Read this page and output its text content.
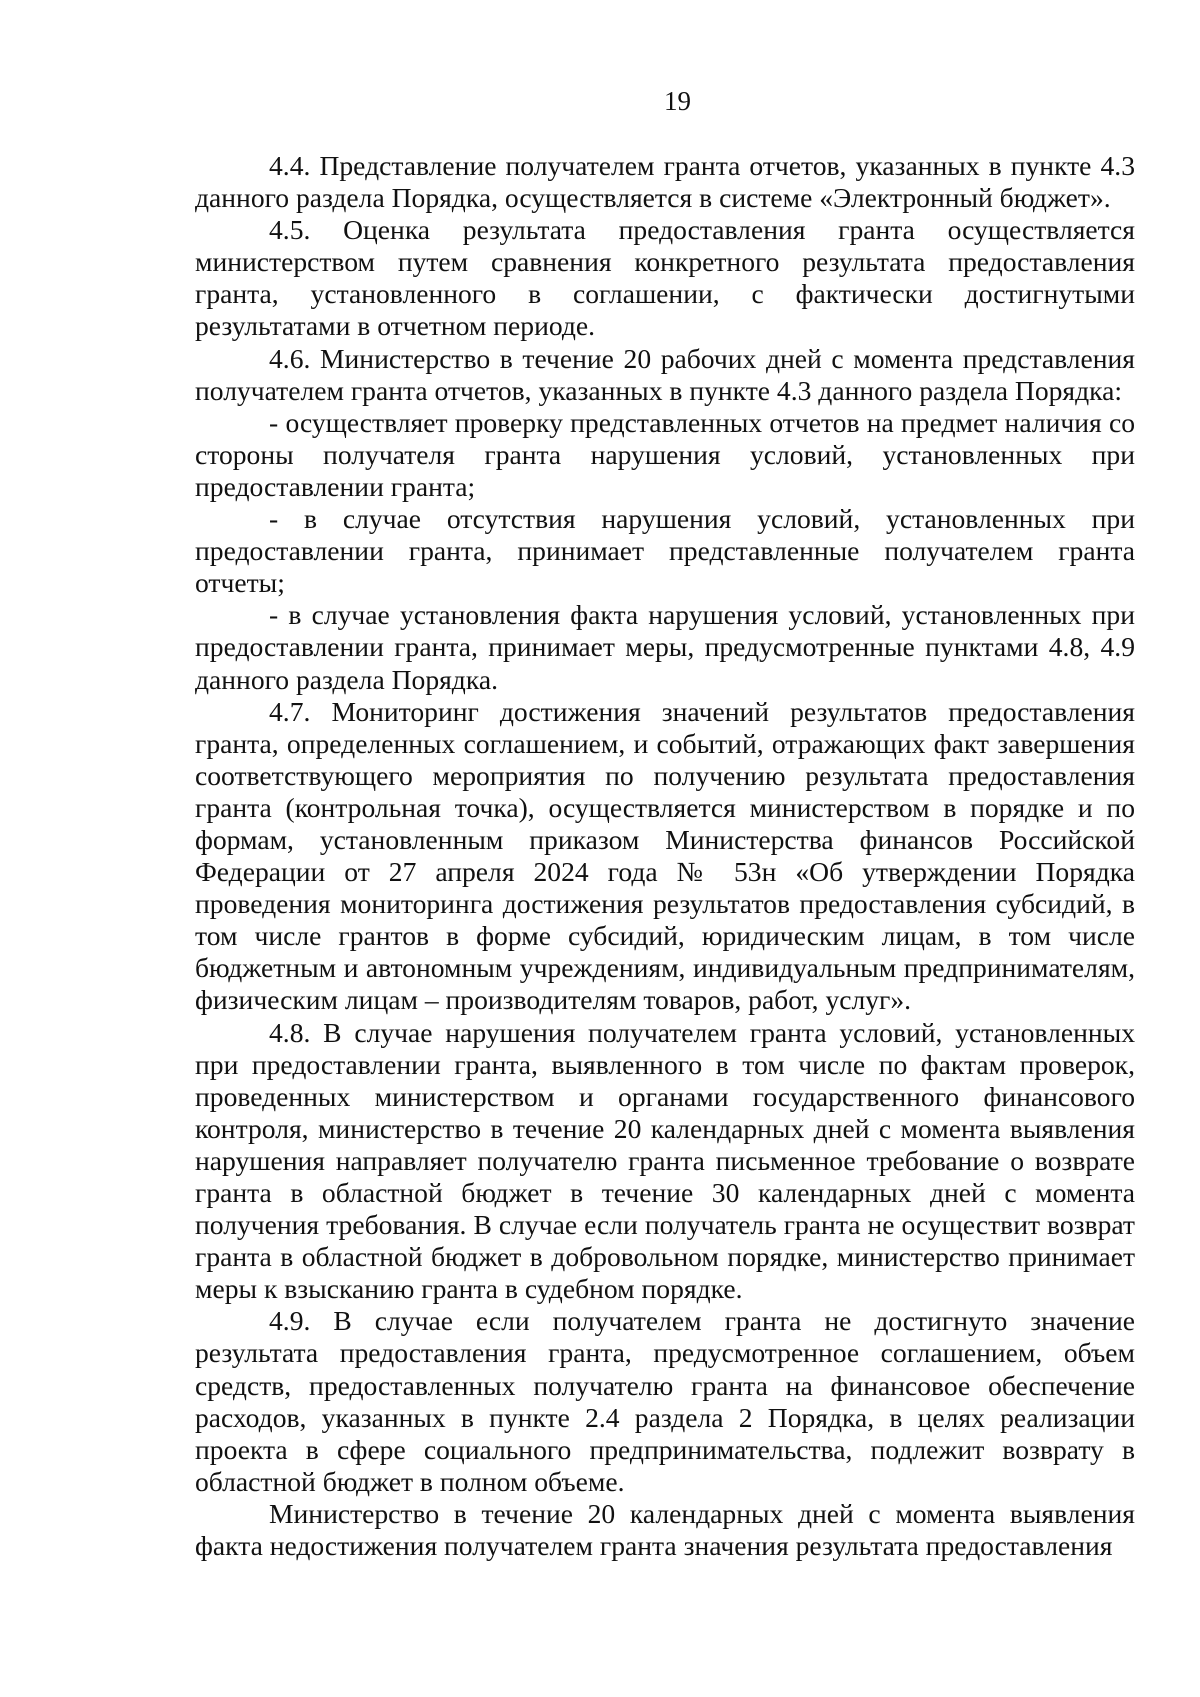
19

4.4. Представление получателем гранта отчетов, указанных в пункте 4.3 данного раздела Порядка, осуществляется в системе «Электронный бюджет».

4.5. Оценка результата предоставления гранта осуществляется министерством путем сравнения конкретного результата предоставления гранта, установленного в соглашении, с фактически достигнутыми результатами в отчетном периоде.

4.6. Министерство в течение 20 рабочих дней с момента представления получателем гранта отчетов, указанных в пункте 4.3 данного раздела Порядка:

- осуществляет проверку представленных отчетов на предмет наличия со стороны получателя гранта нарушения условий, установленных при предоставлении гранта;

- в случае отсутствия нарушения условий, установленных при предоставлении гранта, принимает представленные получателем гранта отчеты;

- в случае установления факта нарушения условий, установленных при предоставлении гранта, принимает меры, предусмотренные пунктами 4.8, 4.9 данного раздела Порядка.

4.7. Мониторинг достижения значений результатов предоставления гранта, определенных соглашением, и событий, отражающих факт завершения соответствующего мероприятия по получению результата предоставления гранта (контрольная точка), осуществляется министерством в порядке и по формам, установленным приказом Министерства финансов Российской Федерации от 27 апреля 2024 года № 53н «Об утверждении Порядка проведения мониторинга достижения результатов предоставления субсидий, в том числе грантов в форме субсидий, юридическим лицам, в том числе бюджетным и автономным учреждениям, индивидуальным предпринимателям, физическим лицам – производителям товаров, работ, услуг».

4.8. В случае нарушения получателем гранта условий, установленных при предоставлении гранта, выявленного в том числе по фактам проверок, проведенных министерством и органами государственного финансового контроля, министерство в течение 20 календарных дней с момента выявления нарушения направляет получателю гранта письменное требование о возврате гранта в областной бюджет в течение 30 календарных дней с момента получения требования. В случае если получатель гранта не осуществит возврат гранта в областной бюджет в добровольном порядке, министерство принимает меры к взысканию гранта в судебном порядке.

4.9. В случае если получателем гранта не достигнуто значение результата предоставления гранта, предусмотренное соглашением, объем средств, предоставленных получателю гранта на финансовое обеспечение расходов, указанных в пункте 2.4 раздела 2 Порядка, в целях реализации проекта в сфере социального предпринимательства, подлежит возврату в областной бюджет в полном объеме.

Министерство в течение 20 календарных дней с момента выявления факта недостижения получателем гранта значения результата предоставления
